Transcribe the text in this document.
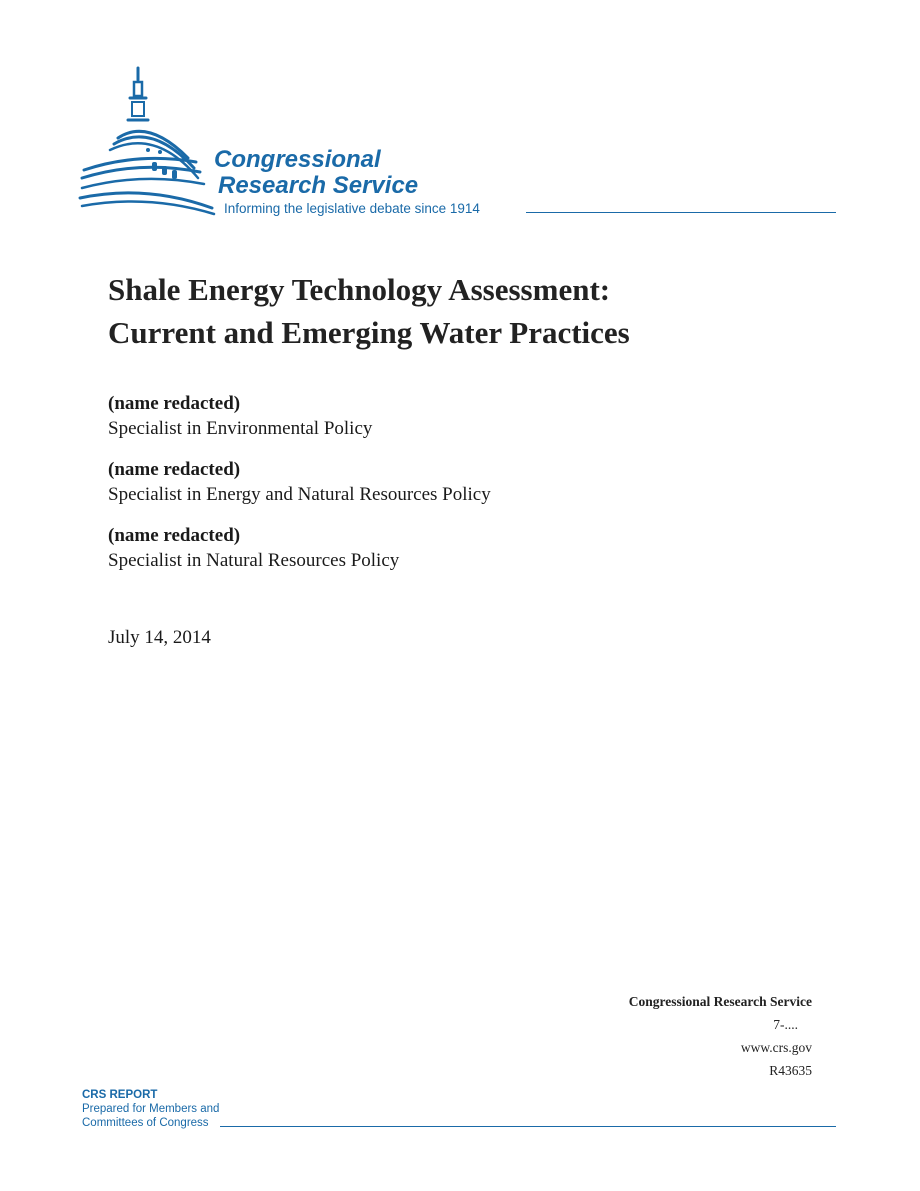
Congressional
Research Service
Informing the legislative debate since 1914
Shale Energy Technology Assessment:
Current and Emerging Water Practices
(name redacted)
Specialist in Environmental Policy
(name redacted)
Specialist in Energy and Natural Resources Policy
(name redacted)
Specialist in Natural Resources Policy
July 14, 2014
Congressional Research Service
7-....
www.crs.gov
R43635
CRS REPORT
Prepared for Members and
Committees of Congress
